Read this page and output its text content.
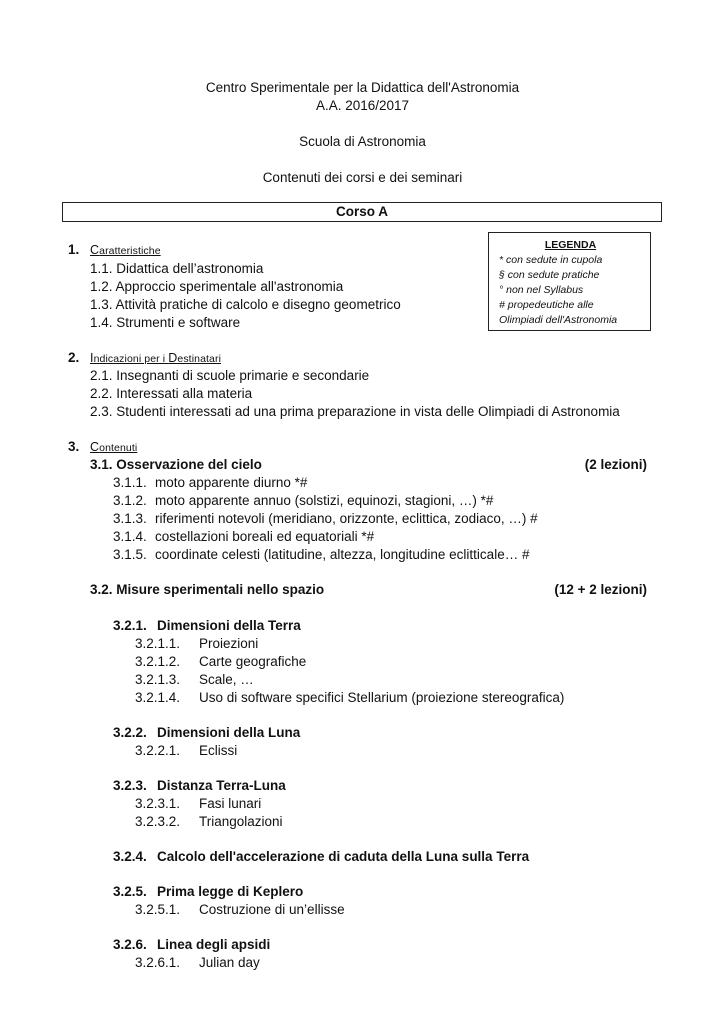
Centro Sperimentale per la Didattica dell'Astronomia
A.A. 2016/2017
Scuola di Astronomia
Contenuti dei corsi e dei seminari
Corso A
LEGENDA
* con sedute in cupola
§ con sedute pratiche
° non nel Syllabus
# propedeutiche alle
Olimpiadi dell'Astronomia
1. Caratteristiche
1.1. Didattica dell’astronomia
1.2. Approccio sperimentale all'astronomia
1.3. Attività pratiche di calcolo e disegno geometrico
1.4. Strumenti e software
2. Indicazioni per i Destinatari
2.1. Insegnanti di scuole primarie e secondarie
2.2. Interessati alla materia
2.3. Studenti interessati ad una prima preparazione in vista delle Olimpiadi di Astronomia
3. Contenuti
3.1. Osservazione del cielo	(2 lezioni)
3.1.1. moto apparente diurno *#
3.1.2. moto apparente annuo (solstizi, equinozi, stagioni, …) *#
3.1.3. riferimenti notevoli (meridiano, orizzonte, eclittica, zodiaco, …) #
3.1.4. costellazioni boreali ed equatoriali *#
3.1.5. coordinate celesti (latitudine, altezza, longitudine eclitticale… #
3.2. Misure sperimentali nello spazio	(12 + 2 lezioni)
3.2.1. Dimensioni della Terra
3.2.1.1. Proiezioni
3.2.1.2. Carte geografiche
3.2.1.3. Scale, …
3.2.1.4. Uso di software specifici Stellarium (proiezione stereografica)
3.2.2. Dimensioni della Luna
3.2.2.1. Eclissi
3.2.3. Distanza Terra-Luna
3.2.3.1. Fasi lunari
3.2.3.2. Triangolazioni
3.2.4. Calcolo dell'accelerazione di caduta della Luna sulla Terra
3.2.5. Prima legge di Keplero
3.2.5.1. Costruzione di un’ellisse
3.2.6. Linea degli apsidi
3.2.6.1. Julian day
